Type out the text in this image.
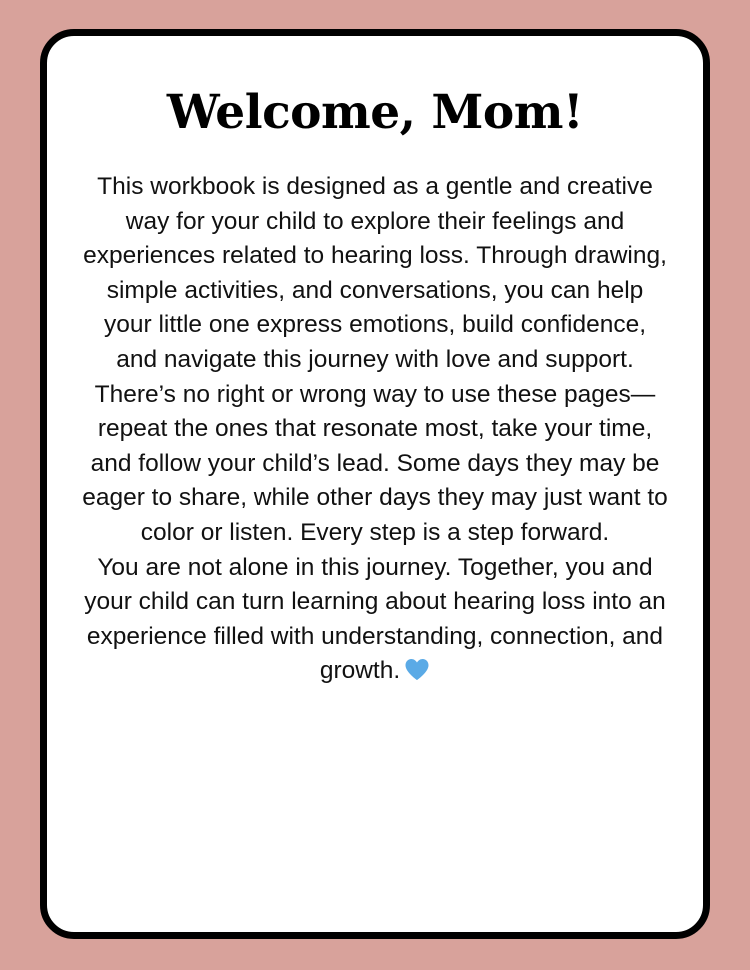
Welcome, Mom!

This workbook is designed as a gentle and creative way for your child to explore their feelings and experiences related to hearing loss. Through drawing, simple activities, and conversations, you can help your little one express emotions, build confidence, and navigate this journey with love and support.

There’s no right or wrong way to use these pages—repeat the ones that resonate most, take your time, and follow your child’s lead. Some days they may be eager to share, while other days they may just want to color or listen. Every step is a step forward.

You are not alone in this journey. Together, you and your child can turn learning about hearing loss into an experience filled with understanding, connection, and growth.
